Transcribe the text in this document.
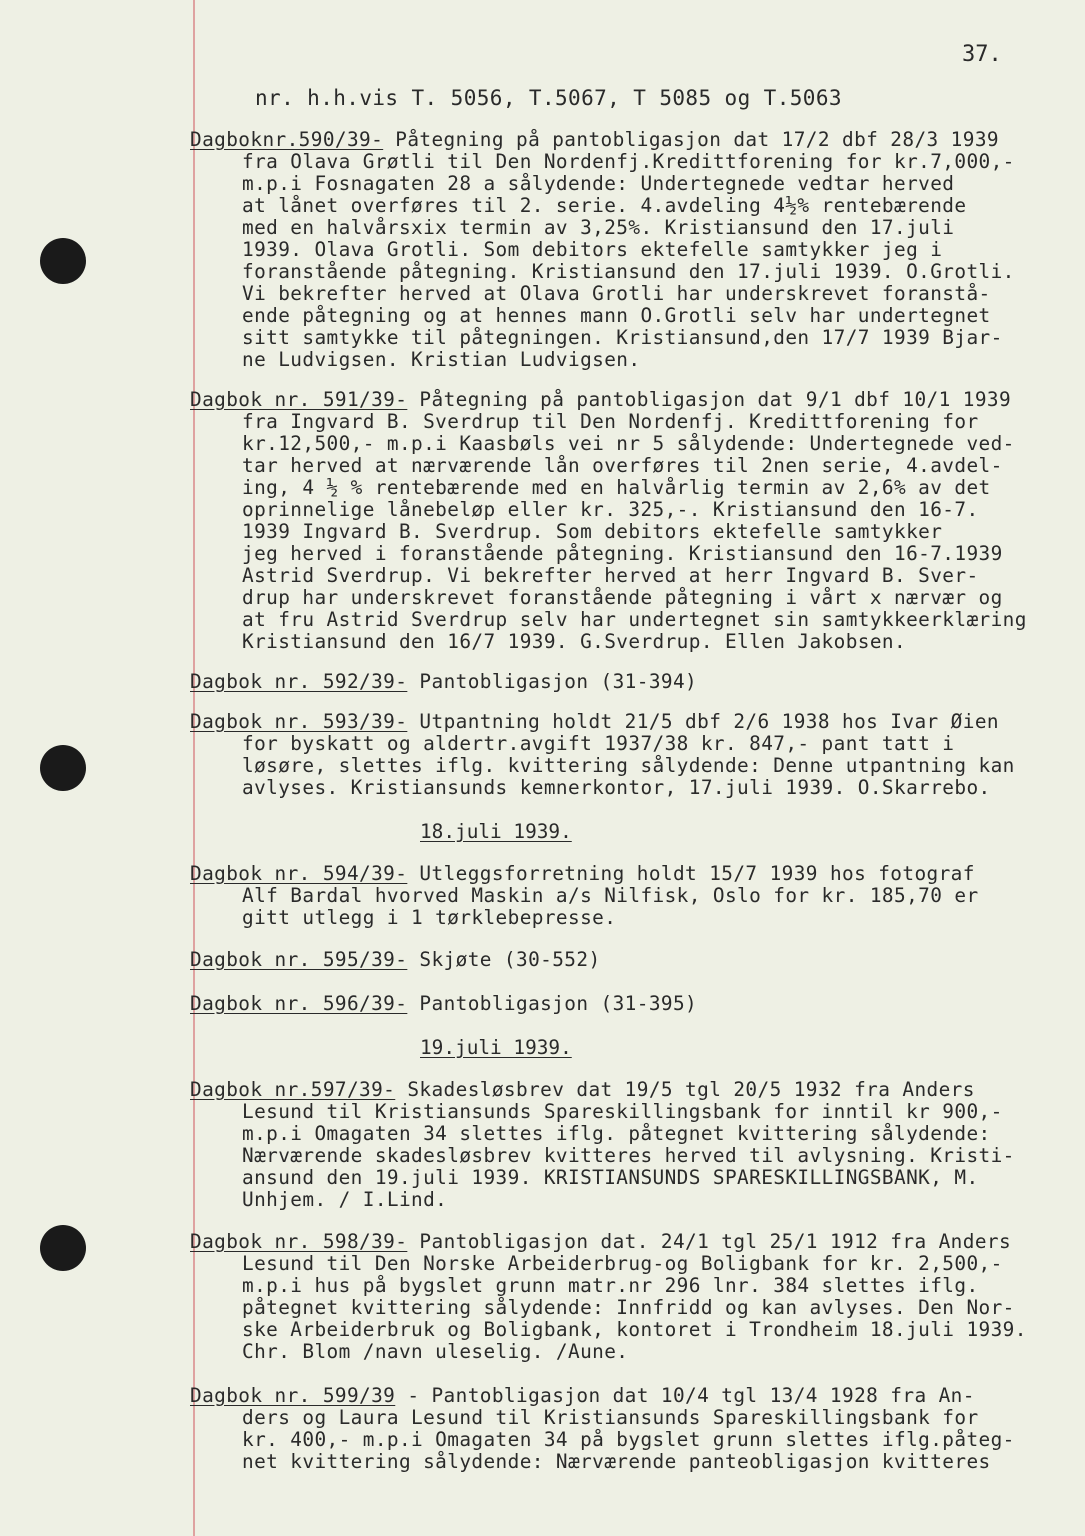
37.
nr. h.h.vis T. 5056, T.5067, T 5085 og T.5063
Dagboknr.590/39- Påtegning på pantobligasjon dat 17/2 dbf 28/3 1939
fra Olava Grøtli til Den Nordenfj.Kredittforening for kr.7,000,-
m.p.i Fosnagaten 28 a sålydende: Undertegnede vedtar herved
at lånet overføres til 2. serie. 4.avdeling 4½% rentebærende
med en halvårsxix termin av 3,25%. Kristiansund den 17.juli
1939. Olava Grotli. Som debitors ektefelle samtykker jeg i
foranstående påtegning. Kristiansund den 17.juli 1939. O.Grotli.
Vi bekrefter herved at Olava Grotli har underskrevet foranstå-
ende påtegning og at hennes mann O.Grotli selv har undertegnet
sitt samtykke til påtegningen. Kristiansund,den 17/7 1939 Bjar-
ne Ludvigsen. Kristian Ludvigsen.
Dagbok nr. 591/39- Påtegning på pantobligasjon dat 9/1 dbf 10/1 1939
fra Ingvard B. Sverdrup til Den Nordenfj. Kredittforening for
kr.12,500,- m.p.i Kaasbøls vei nr 5 sålydende: Undertegnede ved-
tar herved at nærværende lån overføres til 2nen serie, 4.avdel-
ing, 4 ½ % rentebærende med en halvårlig termin av 2,6% av det
oprinnelige lånebeløp eller kr. 325,-. Kristiansund den 16-7.
1939 Ingvard B. Sverdrup. Som debitors ektefelle samtykker
jeg herved i foranstående påtegning. Kristiansund den 16-7.1939
Astrid Sverdrup. Vi bekrefter herved at herr Ingvard B. Sver-
drup har underskrevet foranstående påtegning i vårt x nærvær og
at fru Astrid Sverdrup selv har undertegnet sin samtykkeerklæring
Kristiansund den 16/7 1939. G.Sverdrup. Ellen Jakobsen.
Dagbok nr. 592/39- Pantobligasjon (31-394)
Dagbok nr. 593/39- Utpantning holdt 21/5 dbf 2/6 1938 hos Ivar Øien
for byskatt og aldertr.avgift 1937/38 kr. 847,- pant tatt i
løsøre, slettes iflg. kvittering sålydende: Denne utpantning kan
avlyses. Kristiansunds kemnerkontor, 17.juli 1939. O.Skarrebo.
18.juli 1939.
Dagbok nr. 594/39- Utleggsforretning holdt 15/7 1939 hos fotograf
Alf Bardal hvorved Maskin a/s Nilfisk, Oslo for kr. 185,70 er
gitt utlegg i 1 tørklebepresse.
Dagbok nr. 595/39- Skjøte (30-552)
Dagbok nr. 596/39- Pantobligasjon (31-395)
19.juli 1939.
Dagbok nr.597/39- Skadesløsbrev dat 19/5 tgl 20/5 1932 fra Anders
Lesund til Kristiansunds Spareskillingsbank for inntil kr 900,-
m.p.i Omagaten 34 slettes iflg. påtegnet kvittering sålydende:
Nærværende skadesløsbrev kvitteres herved til avlysning. Kristi-
ansund den 19.juli 1939. KRISTIANSUNDS SPARESKILLINGSBANK, M.
Unhjem. / I.Lind.
Dagbok nr. 598/39- Pantobligasjon dat. 24/1 tgl 25/1 1912 fra Anders
Lesund til Den Norske Arbeiderbrug-og Boligbank for kr. 2,500,-
m.p.i hus på bygslet grunn matr.nr 296 lnr. 384 slettes iflg.
påtegnet kvittering sålydende: Innfridd og kan avlyses. Den Nor-
ske Arbeiderbruk og Boligbank, kontoret i Trondheim 18.juli 1939.
Chr. Blom /navn uleselig. /Aune.
Dagbok nr. 599/39 - Pantobligasjon dat 10/4 tgl 13/4 1928 fra An-
ders og Laura Lesund til Kristiansunds Spareskillingsbank for
kr. 400,- m.p.i Omagaten 34 på bygslet grunn slettes iflg.påteg-
net kvittering sålydende: Nærværende panteobligasjon kvitteres
